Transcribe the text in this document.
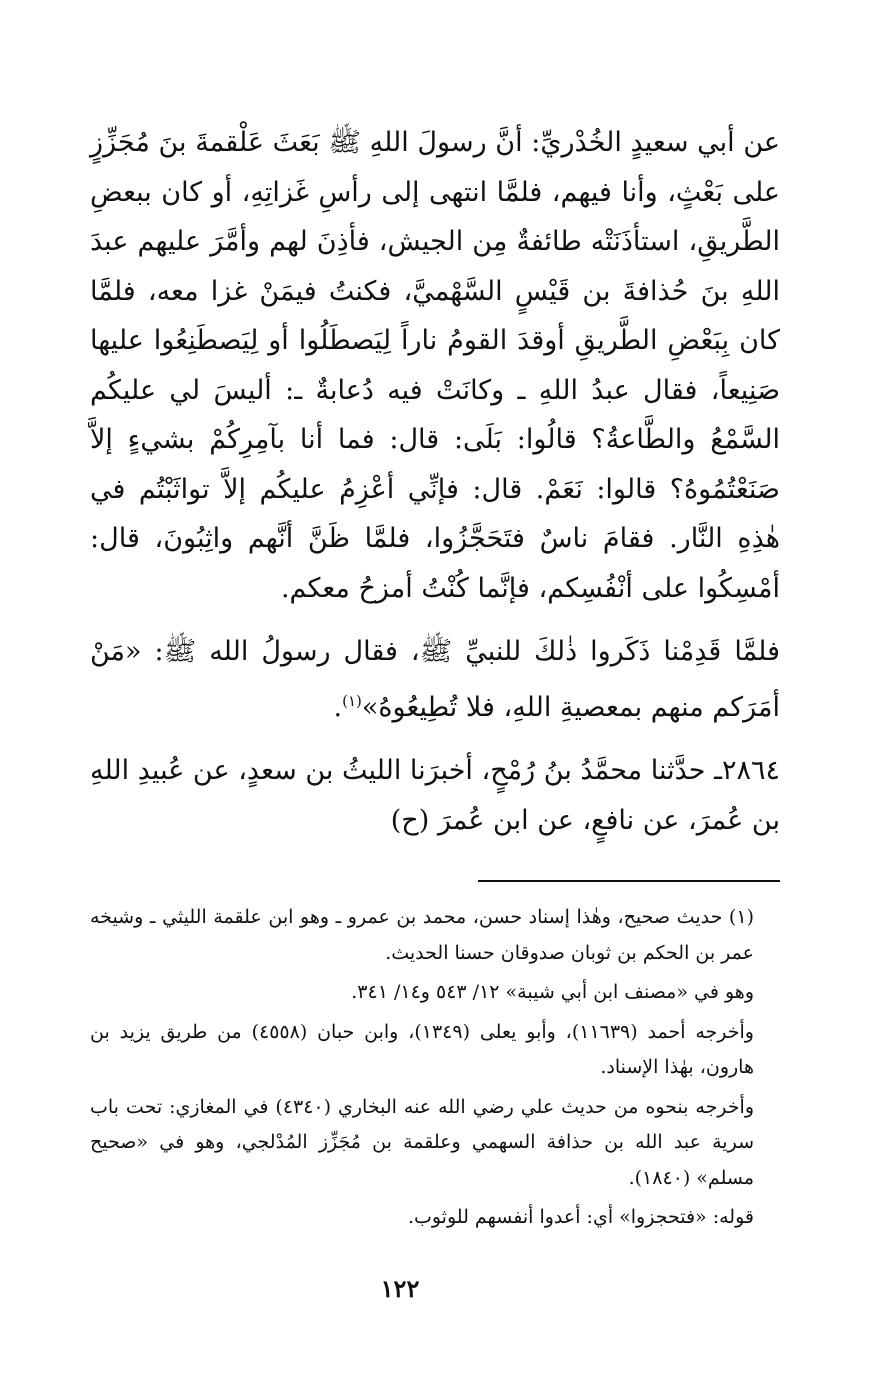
عن أبي سعيدٍ الخُدْريِّ: أنَّ رسولَ اللهِ ﷺ بَعَثَ عَلْقمةَ بنَ مُجَزِّزٍ على بَعْثٍ، وأنا فيهم، فلمَّا انتهى إلى رأسِ غَزاتِهِ، أو كان ببعضِ الطَّريقِ، استأذَنَتْه طائفةٌ مِن الجيش، فأذِنَ لهم وأمَّرَ عليهم عبدَ اللهِ بنَ حُذافةَ بن قَيْسٍ السَّهْميَّ، فكنتُ فيمَنْ غزا معه، فلمَّا كان بِبَعْضِ الطَّريقِ أوقدَ القومُ ناراً لِيَصطَلُوا أو لِيَصطَنِعُوا عليها صَنِيعاً، فقال عبدُ اللهِ ـ وكانَتْ فيه دُعابةٌ ـ: أليسَ لي عليكُم السَّمْعُ والطَّاعةُ؟ قالُوا: بَلَى: قال: فما أنا بآمِرِكُمْ بشيءٍ إلاَّ صَنَعْتُمُوهُ؟ قالوا: نَعَمْ. قال: فإنِّي أعْزِمُ عليكُم إلاَّ تواثَبْتُم في هٰذِهِ النَّار. فقامَ ناسٌ فتَحَجَّزُوا، فلمَّا ظَنَّ أنَّهم واثِبُونَ، قال: أمْسِكُوا على أنْفُسِكم، فإنَّما كُنْتُ أمزحُ معكم.

فلمَّا قَدِمْنا ذَكَروا ذٰلكَ للنبيِّ ﷺ، فقال رسولُ الله ﷺ: «مَنْ أمَرَكم منهم بمعصيةِ اللهِ، فلا تُطِيعُوهُ»$^{(١)}$.

٢٨٦٤ـ حدَّثنا محمَّدُ بنُ رُمْحٍ، أخبرَنا الليثُ بن سعدٍ، عن عُبيدِ اللهِ بن عُمرَ، عن نافعٍ، عن ابن عُمرَ (ح)

(١) حديث صحيح، وهٰذا إسناد حسن، محمد بن عمرو ـ وهو ابن علقمة الليثي ـ وشيخه عمر بن الحكم بن ثوبان صدوقان حسنا الحديث.

وهو في «مصنف ابن أبي شيبة» ١٢/ ٥٤٣ و١٤/ ٣٤١.

وأخرجه أحمد (١١٦٣٩)، وأبو يعلى (١٣٤٩)، وابن حبان (٤٥٥٨) من طريق يزيد بن هارون، بهٰذا الإسناد.

وأخرجه بنحوه من حديث علي رضي الله عنه البخاري (٤٣٤٠) في المغازي: تحت باب سرية عبد الله بن حذافة السهمي وعلقمة بن مُجَزِّز المُدْلجي، وهو في «صحيح مسلم» (١٨٤٠).

قوله: «فتحجزوا» أي: أعدوا أنفسهم للوثوب.

١٢٢
